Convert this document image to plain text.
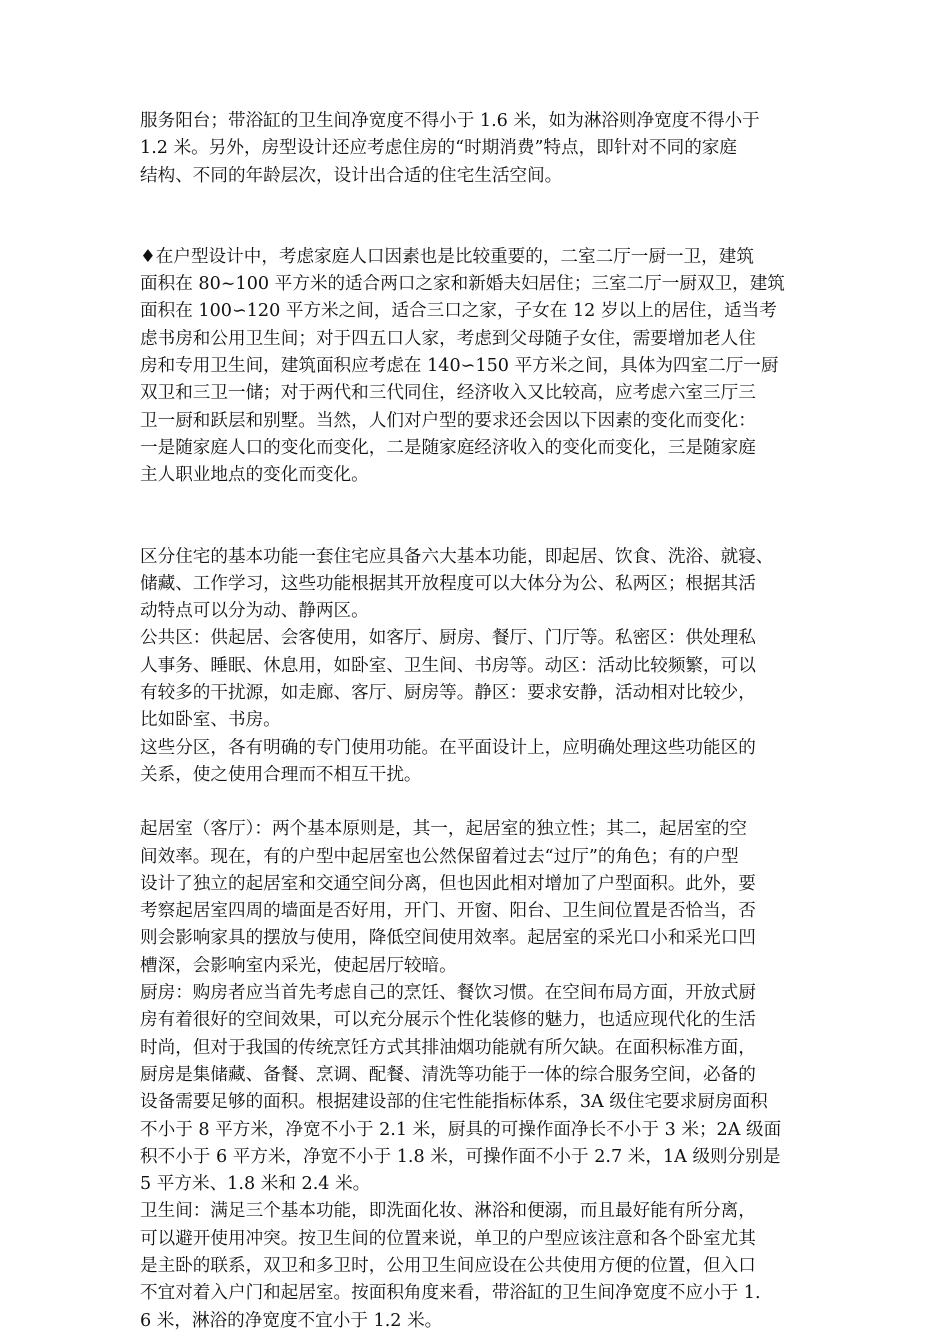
服务阳台；带浴缸的卫生间净宽度不得小于 1.6 米，如为淋浴则净宽度不得小于
1.2 米。另外，房型设计还应考虑住房的“时期消费”特点，即针对不同的家庭
结构、不同的年龄层次，设计出合适的住宅生活空间。
♦在户型设计中，考虑家庭人口因素也是比较重要的，二室二厅一厨一卫，建筑
面积在 80~100 平方米的适合两口之家和新婚夫妇居住；三室二厅一厨双卫，建筑
面积在 100∽120 平方米之间，适合三口之家，子女在 12 岁以上的居住，适当考
虑书房和公用卫生间；对于四五口人家，考虑到父母随子女住，需要增加老人住
房和专用卫生间，建筑面积应考虑在 140∽150 平方米之间，具体为四室二厅一厨
双卫和三卫一储；对于两代和三代同住，经济收入又比较高，应考虑六室三厅三
卫一厨和跃层和别墅。当然，人们对户型的要求还会因以下因素的变化而变化：
一是随家庭人口的变化而变化，二是随家庭经济收入的变化而变化，三是随家庭
主人职业地点的变化而变化。
区分住宅的基本功能一套住宅应具备六大基本功能，即起居、饮食、洗浴、就寝、
储藏、工作学习，这些功能根据其开放程度可以大体分为公、私两区；根据其活
动特点可以分为动、静两区。
公共区：供起居、会客使用，如客厅、厨房、餐厅、门厅等。私密区：供处理私
人事务、睡眠、休息用，如卧室、卫生间、书房等。动区：活动比较频繁，可以
有较多的干扰源，如走廊、客厅、厨房等。静区：要求安静，活动相对比较少，
比如卧室、书房。
这些分区，各有明确的专门使用功能。在平面设计上，应明确处理这些功能区的
关系，使之使用合理而不相互干扰。
起居室（客厅）：两个基本原则是，其一，起居室的独立性；其二，起居室的空
间效率。现在，有的户型中起居室也公然保留着过去“过厅”的角色；有的户型
设计了独立的起居室和交通空间分离，但也因此相对增加了户型面积。此外，要
考察起居室四周的墙面是否好用，开门、开窗、阳台、卫生间位置是否恰当，否
则会影响家具的摆放与使用，降低空间使用效率。起居室的采光口小和采光口凹
槽深，会影响室内采光，使起居厅较暗。
厨房：购房者应当首先考虑自己的烹饪、餐饮习惯。在空间布局方面，开放式厨
房有着很好的空间效果，可以充分展示个性化装修的魅力，也适应现代化的生活
时尚，但对于我国的传统烹饪方式其排油烟功能就有所欠缺。在面积标准方面，
厨房是集储藏、备餐、烹调、配餐、清洗等功能于一体的综合服务空间，必备的
设备需要足够的面积。根据建设部的住宅性能指标体系，3A 级住宅要求厨房面积
不小于 8 平方米，净宽不小于 2.1 米，厨具的可操作面净长不小于 3 米；2A 级面
积不小于 6 平方米，净宽不小于 1.8 米，可操作面不小于 2.7 米，1A 级则分别是
5 平方米、1.8 米和 2.4 米。
卫生间：满足三个基本功能，即洗面化妆、淋浴和便溺，而且最好能有所分离，
可以避开使用冲突。按卫生间的位置来说，单卫的户型应该注意和各个卧室尤其
是主卧的联系，双卫和多卫时，公用卫生间应设在公共使用方便的位置，但入口
不宜对着入户门和起居室。按面积角度来看，带浴缸的卫生间净宽度不应小于 1.
6 米，淋浴的净宽度不宜小于 1.2 米。
